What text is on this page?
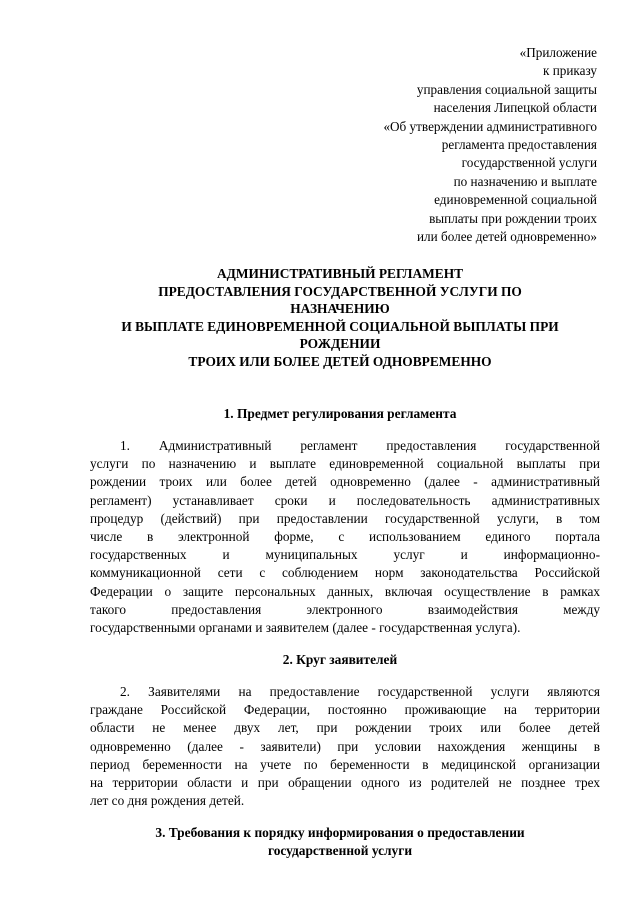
«Приложение
к приказу
управления социальной защиты
населения Липецкой области
«Об утверждении административного
регламента предоставления
государственной услуги
по назначению и выплате
единовременной социальной
выплаты при рождении троих
или более детей одновременно»
АДМИНИСТРАТИВНЫЙ РЕГЛАМЕНТ
ПРЕДОСТАВЛЕНИЯ ГОСУДАРСТВЕННОЙ УСЛУГИ ПО
НАЗНАЧЕНИЮ
И ВЫПЛАТЕ ЕДИНОВРЕМЕННОЙ СОЦИАЛЬНОЙ ВЫПЛАТЫ ПРИ
РОЖДЕНИИ
ТРОИХ ИЛИ БОЛЕЕ ДЕТЕЙ ОДНОВРЕМЕННО
1. Предмет регулирования регламента
1. Административный регламент предоставления государственной
услуги по назначению и выплате единовременной социальной выплаты при
рождении троих или более детей одновременно (далее - административный
регламент) устанавливает сроки и последовательность административных
процедур (действий) при предоставлении государственной услуги, в том
числе в электронной форме, с использованием единого портала
государственных и муниципальных услуг и информационно-
коммуникационной сети с соблюдением норм законодательства Российской
Федерации о защите персональных данных, включая осуществление в рамках
такого предоставления электронного взаимодействия между
государственными органами и заявителем (далее - государственная услуга).
2. Круг заявителей
2. Заявителями на предоставление государственной услуги являются
граждане Российской Федерации, постоянно проживающие на территории
области не менее двух лет, при рождении троих или более детей
одновременно (далее - заявители) при условии нахождения женщины в
период беременности на учете по беременности в медицинской организации
на территории области и при обращении одного из родителей не позднее трех
лет со дня рождения детей.
3. Требования к порядку информирования о предоставлении
государственной услуги
